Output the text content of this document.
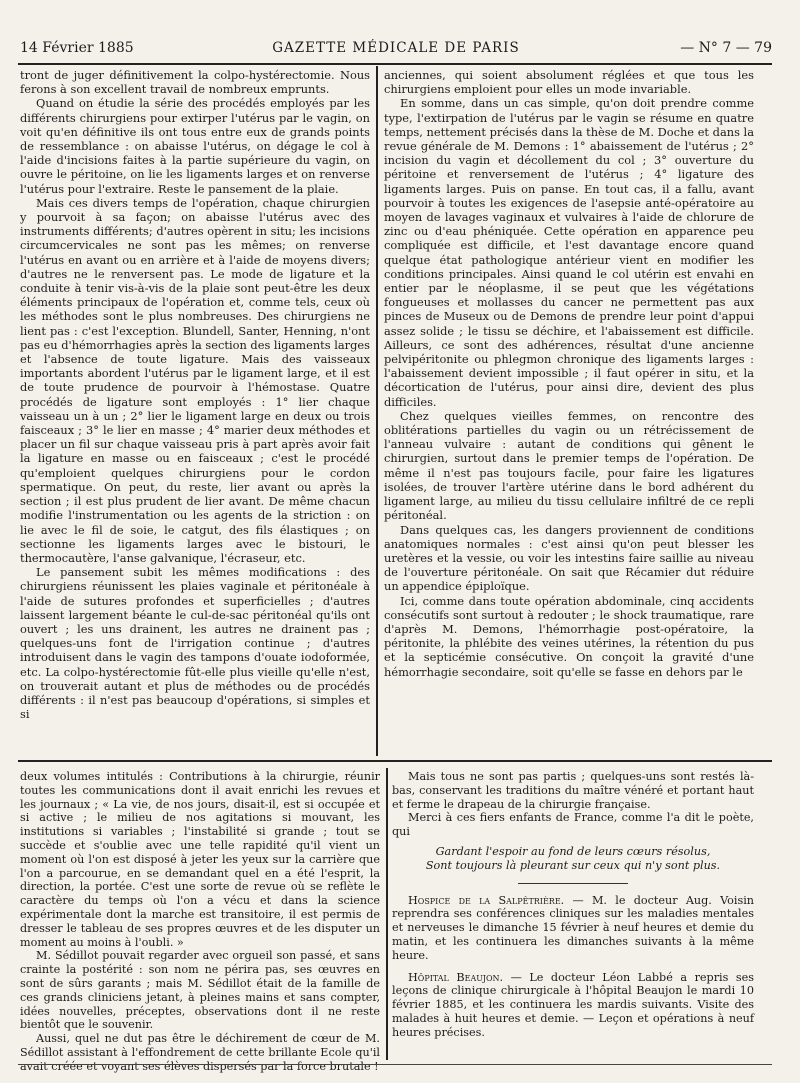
14 Février 1885	GAZETTE MÉDICALE DE PARIS	— N° 7 — 79

tront de juger définitivement la colpo-hystérectomie. Nous ferons à son excellent travail de nombreux emprunts.

Quand on étudie la série des procédés employés par les différents chirurgiens pour extirper l'utérus par le vagin, on voit qu'en définitive ils ont tous entre eux de grands points de ressemblance : on abaisse l'utérus, on dégage le col à l'aide d'incisions faites à la partie supérieure du vagin, on ouvre le péritoine, on lie les ligaments larges et on renverse l'utérus pour l'extraire. Reste le pansement de la plaie.

Mais ces divers temps de l'opération, chaque chirurgien y pourvoit à sa façon; on abaisse l'utérus avec des instruments différents; d'autres opèrent in situ; les incisions circumcervicales ne sont pas les mêmes; on renverse l'utérus en avant ou en arrière et à l'aide de moyens divers; d'autres ne le renversent pas. Le mode de ligature et la conduite à tenir vis-à-vis de la plaie sont peut-être les deux éléments principaux de l'opération et, comme tels, ceux où les méthodes sont le plus nombreuses. Des chirurgiens ne lient pas : c'est l'exception. Blundell, Santer, Henning, n'ont pas eu d'hémorrhagies après la section des ligaments larges et l'absence de toute ligature. Mais des vaisseaux importants abordent l'utérus par le ligament large, et il est de toute prudence de pourvoir à l'hémostase. Quatre procédés de ligature sont employés : 1° lier chaque vaisseau un à un ; 2° lier le ligament large en deux ou trois faisceaux ; 3° le lier en masse ; 4° marier deux méthodes et placer un fil sur chaque vaisseau pris à part après avoir fait la ligature en masse ou en faisceaux ; c'est le procédé qu'emploient quelques chirurgiens pour le cordon spermatique. On peut, du reste, lier avant ou après la section ; il est plus prudent de lier avant. De même chacun modifie l'instrumentation ou les agents de la striction : on lie avec le fil de soie, le catgut, des fils élastiques ; on sectionne les ligaments larges avec le bistouri, le thermocautère, l'anse galvanique, l'écraseur, etc.

Le pansement subit les mêmes modifications : des chirurgiens réunissent les plaies vaginale et péritonéale à l'aide de sutures profondes et superficielles ; d'autres laissent largement béante le cul-de-sac péritonéal qu'ils ont ouvert ; les uns drainent, les autres ne drainent pas ; quelques-uns font de l'irrigation continue ; d'autres introduisent dans le vagin des tampons d'ouate iodoformée, etc. La colpo-hystérectomie fût-elle plus vieille qu'elle n'est, on trouverait autant et plus de méthodes ou de procédés différents : il n'est pas beaucoup d'opérations, si simples et si

anciennes, qui soient absolument réglées et que tous les chirurgiens emploient pour elles un mode invariable.

En somme, dans un cas simple, qu'on doit prendre comme type, l'extirpation de l'utérus par le vagin se résume en quatre temps, nettement précisés dans la thèse de M. Doche et dans la revue générale de M. Demons : 1° abaissement de l'utérus ; 2° incision du vagin et décollement du col ; 3° ouverture du péritoine et renversement de l'utérus ; 4° ligature des ligaments larges. Puis on panse. En tout cas, il a fallu, avant pourvoir à toutes les exigences de l'asepsie anté-opératoire au moyen de lavages vaginaux et vulvaires à l'aide de chlorure de zinc ou d'eau phéniquée. Cette opération en apparence peu compliquée est difficile, et l'est davantage encore quand quelque état pathologique antérieur vient en modifier les conditions principales. Ainsi quand le col utérin est envahi en entier par le néoplasme, il se peut que les végétations fongueuses et mollasses du cancer ne permettent pas aux pinces de Museux ou de Demons de prendre leur point d'appui assez solide ; le tissu se déchire, et l'abaissement est difficile. Ailleurs, ce sont des adhérences, résultat d'une ancienne pelvipéritonite ou phlegmon chronique des ligaments larges : l'abaissement devient impossible ; il faut opérer in situ, et la décortication de l'utérus, pour ainsi dire, devient des plus difficiles.

Chez quelques vieilles femmes, on rencontre des oblitérations partielles du vagin ou un rétrécissement de l'anneau vulvaire : autant de conditions qui gênent le chirurgien, surtout dans le premier temps de l'opération. De même il n'est pas toujours facile, pour faire les ligatures isolées, de trouver l'artère utérine dans le bord adhérent du ligament large, au milieu du tissu cellulaire infiltré de ce repli péritonéal.

Dans quelques cas, les dangers proviennent de conditions anatomiques normales : c'est ainsi qu'on peut blesser les uretères et la vessie, ou voir les intestins faire saillie au niveau de l'ouverture péritonéale. On sait que Récamier dut réduire un appendice épiploïque.

Ici, comme dans toute opération abdominale, cinq accidents consécutifs sont surtout à redouter ; le shock traumatique, rare d'après M. Demons, l'hémorrhagie post-opératoire, la péritonite, la phlébite des veines utérines, la rétention du pus et la septicémie consécutive. On conçoit la gravité d'une hémorrhagie secondaire, soit qu'elle se fasse en dehors par le

deux volumes intitulés : Contributions à la chirurgie, réunir toutes les communications dont il avait enrichi les revues et les journaux ; « La vie, de nos jours, disait-il, est si occupée et si active ; le milieu de nos agitations si mouvant, les institutions si variables ; l'instabilité si grande ; tout se succède et s'oublie avec une telle rapidité qu'il vient un moment où l'on est disposé à jeter les yeux sur la carrière que l'on a parcourue, en se demandant quel en a été l'esprit, la direction, la portée. C'est une sorte de revue où se reflète le caractère du temps où l'on a vécu et dans la science expérimentale dont la marche est transitoire, il est permis de dresser le tableau de ses propres œuvres et de les disputer un moment au moins à l'oubli. »

M. Sédillot pouvait regarder avec orgueil son passé, et sans crainte la postérité : son nom ne périra pas, ses œuvres en sont de sûrs garants ; mais M. Sédillot était de la famille de ces grands cliniciens jetant, à pleines mains et sans compter, idées nouvelles, préceptes, observations dont il ne reste bientôt que le souvenir.

Aussi, quel ne dut pas être le déchirement de cœur de M. Sédillot assistant à l'effondrement de cette brillante Ecole qu'il avait créée et voyant ses élèves dispersés par la force brutale !

Mais tous ne sont pas partis ; quelques-uns sont restés là-bas, conservant les traditions du maître vénéré et portant haut et ferme le drapeau de la chirurgie française.

Merci à ces fiers enfants de France, comme l'a dit le poète, qui

Gardant l'espoir au fond de leurs cœurs résolus,
Sont toujours là pleurant sur ceux qui n'y sont plus.

Hospice de la Salpêtrière. — M. le docteur Aug. Voisin reprendra ses conférences cliniques sur les maladies mentales et nerveuses le dimanche 15 février à neuf heures et demie du matin, et les continuera les dimanches suivants à la même heure.

Hôpital Beaujon. — Le docteur Léon Labbé a repris ses leçons de clinique chirurgicale à l'hôpital Beaujon le mardi 10 février 1885, et les continuera les mardis suivants. Visite des malades à huit heures et demie. — Leçon et opérations à neuf heures précises.
